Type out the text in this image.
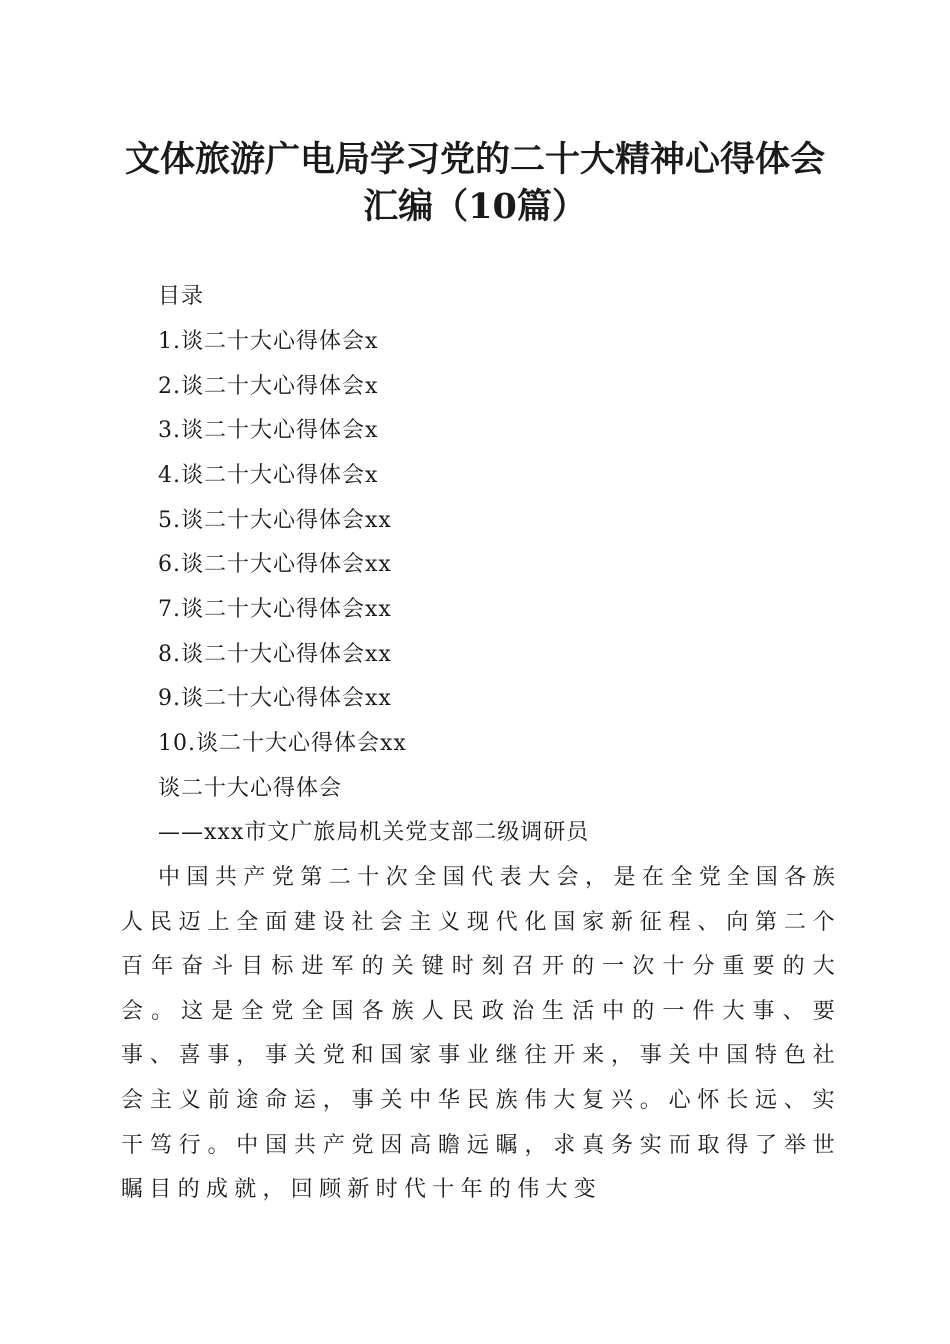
文体旅游广电局学习党的二十大精神心得体会
汇编（10篇）

目录

1.谈二十大心得体会x

2.谈二十大心得体会x

3.谈二十大心得体会x

4.谈二十大心得体会x

5.谈二十大心得体会xx

6.谈二十大心得体会xx

7.谈二十大心得体会xx

8.谈二十大心得体会xx

9.谈二十大心得体会xx

10.谈二十大心得体会xx

谈二十大心得体会

——xxx市文广旅局机关党支部二级调研员

中国共产党第二十次全国代表大会，是在全党全国各族人民迈上全面建设社会主义现代化国家新征程、向第二个百年奋斗目标进军的关键时刻召开的一次十分重要的大会。这是全党全国各族人民政治生活中的一件大事、要事、喜事，事关党和国家事业继往开来，事关中国特色社会主义前途命运，事关中华民族伟大复兴。心怀长远、实干笃行。中国共产党因高瞻远瞩，求真务实而取得了举世瞩目的成就，回顾新时代十年的伟大变
